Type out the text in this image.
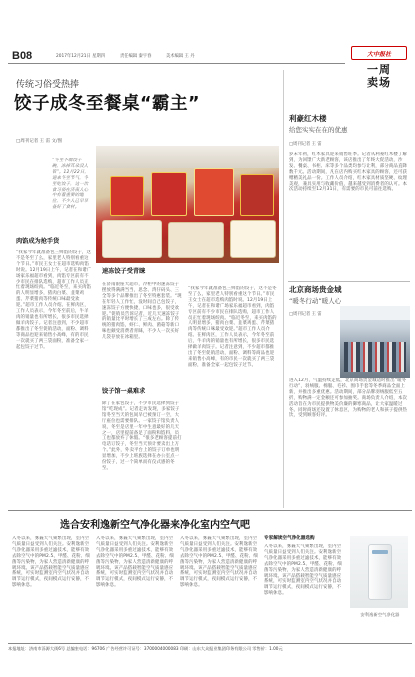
B08	2017年12月21日 星期四	责任编辑 秦宇春	美术编辑 王 丹	大中报社
一周卖场
传统习俗受热捧
饺子成冬至餐桌“霸主”
□周刊记者 王 雷 文/图
“冬至不端饺子碗，冻掉耳朵没人管”。12月22日，迎来冬至节气，冬至吃饺子，这一饮食习俗在济南人心中有着重要的地位，不少人已早早备好了食材。
肉馅成为抢手货
“我家今年就准备包三鲜馅的饺子，这不是冬至了么，家里老人特别看重这个节日。”市民王女士在超市选购肉馅时说。12月19日上午，记者在和谐广场家乐福超市看到，肉馅专区前有不少市民在排队选购，超市工作人员正忙着现场绞肉。“临近冬至，来买肉馅的人明显增多，猪肉白菜、韭菜鸡蛋、芹菜猪肉等传统口味最受欢迎。”超市工作人员介绍。在鲜肉区，工作人员表示，今年冬至前后，牛羊肉的销量也有所增长，很多市民选择做羊肉饺子。记者注意到，不少超市都推出了冬至促销活动，面粉、调料等商品也迎来销售小高峰，有的市民一次就买了两三袋面粉，准备全家一起包饺子过节。
速冻饺子受青睐
在济南银座大超市，冷柜中的速冻饺子摆放得满满当当，思念、湾仔码头、三全等多个品牌推出了冬至特惠套装。“现在年轻人工作忙，没时间自己包饺子，速冻饺子方便快捷，口味也多，很受欢迎。”促销员告诉记者，近几天速冻饺子的销量比平时增长了三成左右。除了传统的猪肉馅，虾仁、鲜肉、菌菇等新口味也颇受消费者青睐，不少人一次买好几袋存放在冰箱里。
饺子馆一桌难求
除了在家包饺子，不少市民选择到饺子馆“吃现成”。记者走访发现，多家饺子馆冬至当天的包间早已被预订一空，大厅座位也需要排队。一家饺子馆负责人说，冬至是店里一年中生意最好的几天之一，店里提前备足了面粉和馅料，员工也都放弃了休假。“很多老顾客提前打电话订饺子，冬至当天预计要卖出上万个。”此外，外卖平台上的饺子订单也明显增加，不少上班族选择在办公室点一份饺子，过一个简单而有仪式感的冬至。
“我家今年就准备包三鲜馅的饺子，这不是冬至了么，家里老人特别看重这个节日。”市民王女士在超市选购肉馅时说。12月19日上午，记者在和谐广场家乐福超市看到，肉馅专区前有不少市民在排队选购，超市工作人员正忙着现场绞肉。“临近冬至，来买肉馅的人明显增多，猪肉白菜、韭菜鸡蛋、芹菜猪肉等传统口味最受欢迎。”超市工作人员介绍。在鲜肉区，工作人员表示，今年冬至前后，牛羊肉的销量也有所增长，很多市民选择做羊肉饺子。记者注意到，不少超市都推出了冬至促销活动，面粉、调料等商品也迎来销售小高峰，有的市民一次就买了两三袋面粉，准备全家一起包饺子过节。
利豪红木楼
给您实实在在的优惠
□周刊记者 王 雷
岁末年初，红木家具迎来销售旺季。记者从利豪红木楼了解到，为回馈广大新老顾客，该店推出了年终大促活动，沙发、餐桌、书柜、床等多个品类均参与让利，部分商品直降数千元。活动期间，凡在店内购买红木家具的顾客，还可获赠精美礼品一份。工作人员介绍，红木家具材质坚硬、纹理美观，兼具实用与收藏价值，越来越受到消费者的认可。本次活动持续至12月31日，有需要的市民可前往选购。
北京商场贵金城
“暖冬行动”暖人心
□周刊记者 王 雷
进入12月，气温持续走低，北京商场贵金城适时推出“暖冬行动”，羽绒服、棉服、毛衫、围巾手套等冬季商品全面上新，并推出多重优惠。活动期间，部分品牌羽绒服低至五折，购物满一定金额还可参加抽奖。商场负责人介绍，本次活动旨在为市民提供物美价廉的御寒商品，让大家温暖过冬。同时商场还设置了休息区，为购物的老人和孩子提供热饮，受到顾客好评。
选合安利逸新空气净化器来净化室内空气吧
入冬以来，雾霾天气频繁出现，室内空气质量日益受到人们关注。安利逸新空气净化器采用多重过滤技术，能够有效去除空气中的PM2.5、甲醛、花粉、细菌等污染物，为家人营造清新健康的呼吸环境。该产品搭载智能空气质量感应系统，可实时监测室内空气状况并自动调节运行模式，夜间模式运行安静，不影响休息。
入冬以来，雾霾天气频繁出现，室内空气质量日益受到人们关注。安利逸新空气净化器采用多重过滤技术，能够有效去除空气中的PM2.5、甲醛、花粉、细菌等污染物，为家人营造清新健康的呼吸环境。该产品搭载智能空气质量感应系统，可实时监测室内空气状况并自动调节运行模式，夜间模式运行安静，不影响休息。
入冬以来，雾霾天气频繁出现，室内空气质量日益受到人们关注。安利逸新空气净化器采用多重过滤技术，能够有效去除空气中的PM2.5、甲醛、花粉、细菌等污染物，为家人营造清新健康的呼吸环境。该产品搭载智能空气质量感应系统，可实时监测室内空气状况并自动调节运行模式，夜间模式运行安静，不影响休息。
专家解读空气净化器选购
入冬以来，雾霾天气频繁出现，室内空气质量日益受到人们关注。安利逸新空气净化器采用多重过滤技术，能够有效去除空气中的PM2.5、甲醛、花粉、细菌等污染物，为家人营造清新健康的呼吸环境。该产品搭载智能空气质量感应系统，可实时监测室内空气状况并自动调节运行模式，夜间模式运行安静，不影响休息。
安利逸新空气净化器
本报地址：济南市泺源大街6号 总编室电话：96706 广告经营许可证号：3700004000083 印刷：山东大众报业集团印务有限公司 零售价：1.00元
